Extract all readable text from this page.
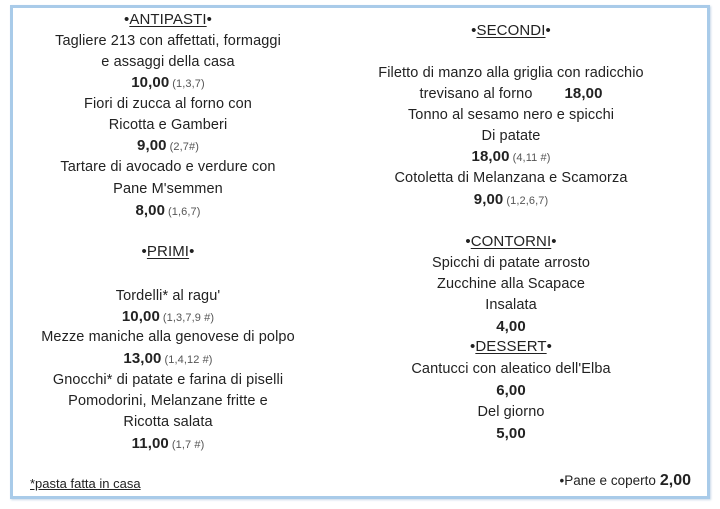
•ANTIPASTI•
Tagliere 213 con affettati, formaggi
e assaggi della casa
10,00 (1,3,7)
Fiori di zucca al forno con
Ricotta e Gamberi
9,00 (2,7#)
Tartare di avocado e verdure con
Pane M'semmen
8,00 (1,6,7)
•PRIMI•
Tordelli* al ragu'
10,00 (1,3,7,9 #)
Mezze maniche alla genovese di polpo
13,00 (1,4,12 #)
Gnocchi* di patate e farina di piselli
Pomodorini, Melanzane fritte e
Ricotta salata
11,00 (1,7 #)
•SECONDI•
Filetto di manzo alla griglia con radicchio
trevisano al forno 18,00
Tonno al sesamo nero e spicchi
Di patate
18,00 (4,11 #)
Cotoletta di Melanzana e Scamorza
9,00 (1,2,6,7)
•CONTORNI•
Spicchi di patate arrosto
Zucchine alla Scapace
Insalata
4,00
•DESSERT•
Cantucci con aleatico dell'Elba
6,00
Del giorno
5,00
*pasta fatta in casa	•Pane e coperto 2,00
